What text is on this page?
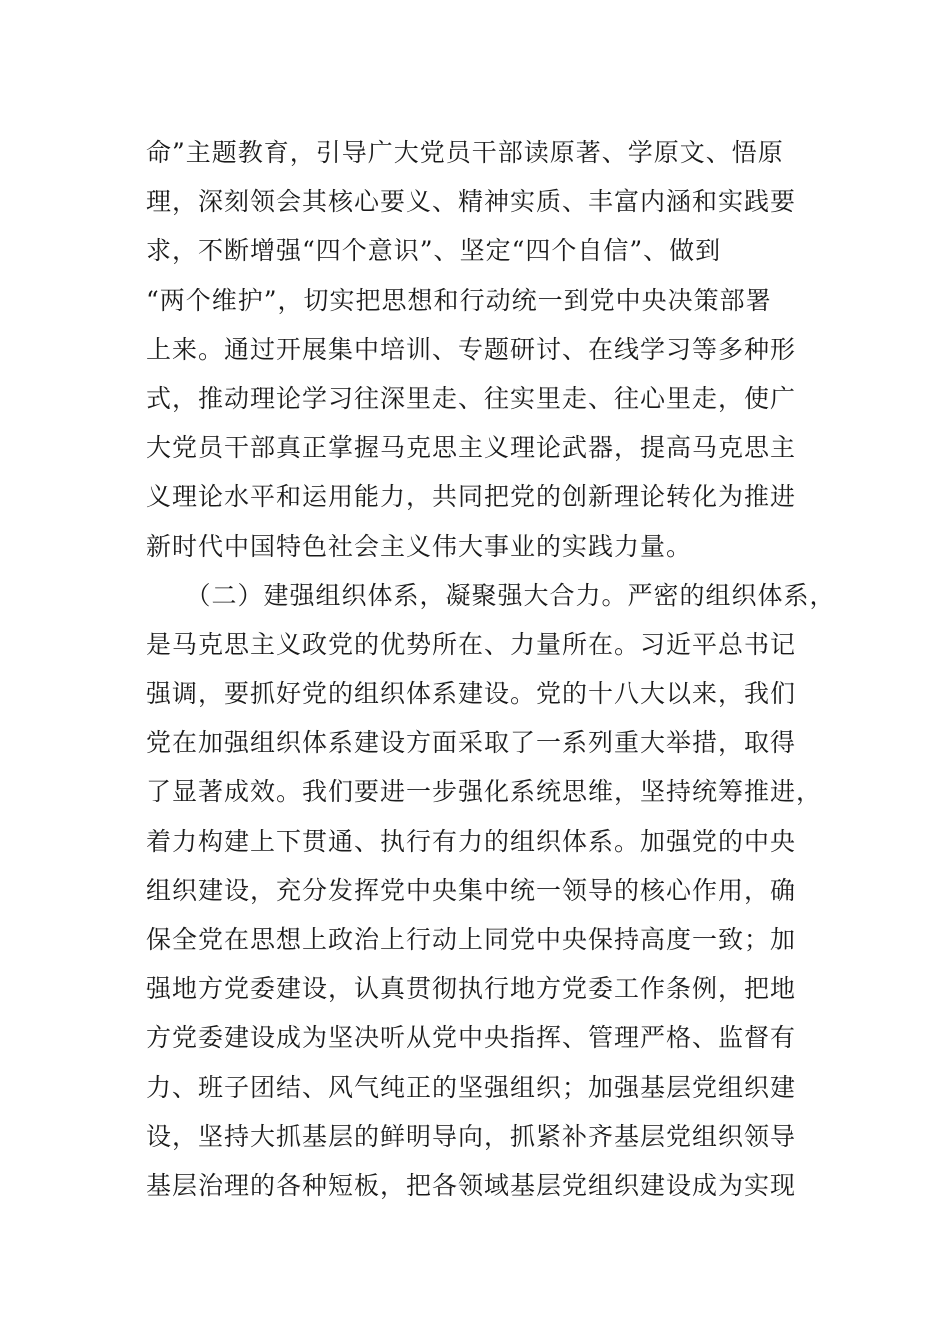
命”主题教育，引导广大党员干部读原著、学原文、悟原
理，深刻领会其核心要义、精神实质、丰富内涵和实践要
求，不断增强“四个意识”、坚定“四个自信”、做到
“两个维护”，切实把思想和行动统一到党中央决策部署
上来。通过开展集中培训、专题研讨、在线学习等多种形
式，推动理论学习往深里走、往实里走、往心里走，使广
大党员干部真正掌握马克思主义理论武器，提高马克思主
义理论水平和运用能力，共同把党的创新理论转化为推进
新时代中国特色社会主义伟大事业的实践力量。
　　（二）建强组织体系，凝聚强大合力。严密的组织体系，
是马克思主义政党的优势所在、力量所在。习近平总书记
强调，要抓好党的组织体系建设。党的十八大以来，我们
党在加强组织体系建设方面采取了一系列重大举措，取得
了显著成效。我们要进一步强化系统思维，坚持统筹推进，
着力构建上下贯通、执行有力的组织体系。加强党的中央
组织建设，充分发挥党中央集中统一领导的核心作用，确
保全党在思想上政治上行动上同党中央保持高度一致；加
强地方党委建设，认真贯彻执行地方党委工作条例，把地
方党委建设成为坚决听从党中央指挥、管理严格、监督有
力、班子团结、风气纯正的坚强组织；加强基层党组织建
设，坚持大抓基层的鲜明导向，抓紧补齐基层党组织领导
基层治理的各种短板，把各领域基层党组织建设成为实现
